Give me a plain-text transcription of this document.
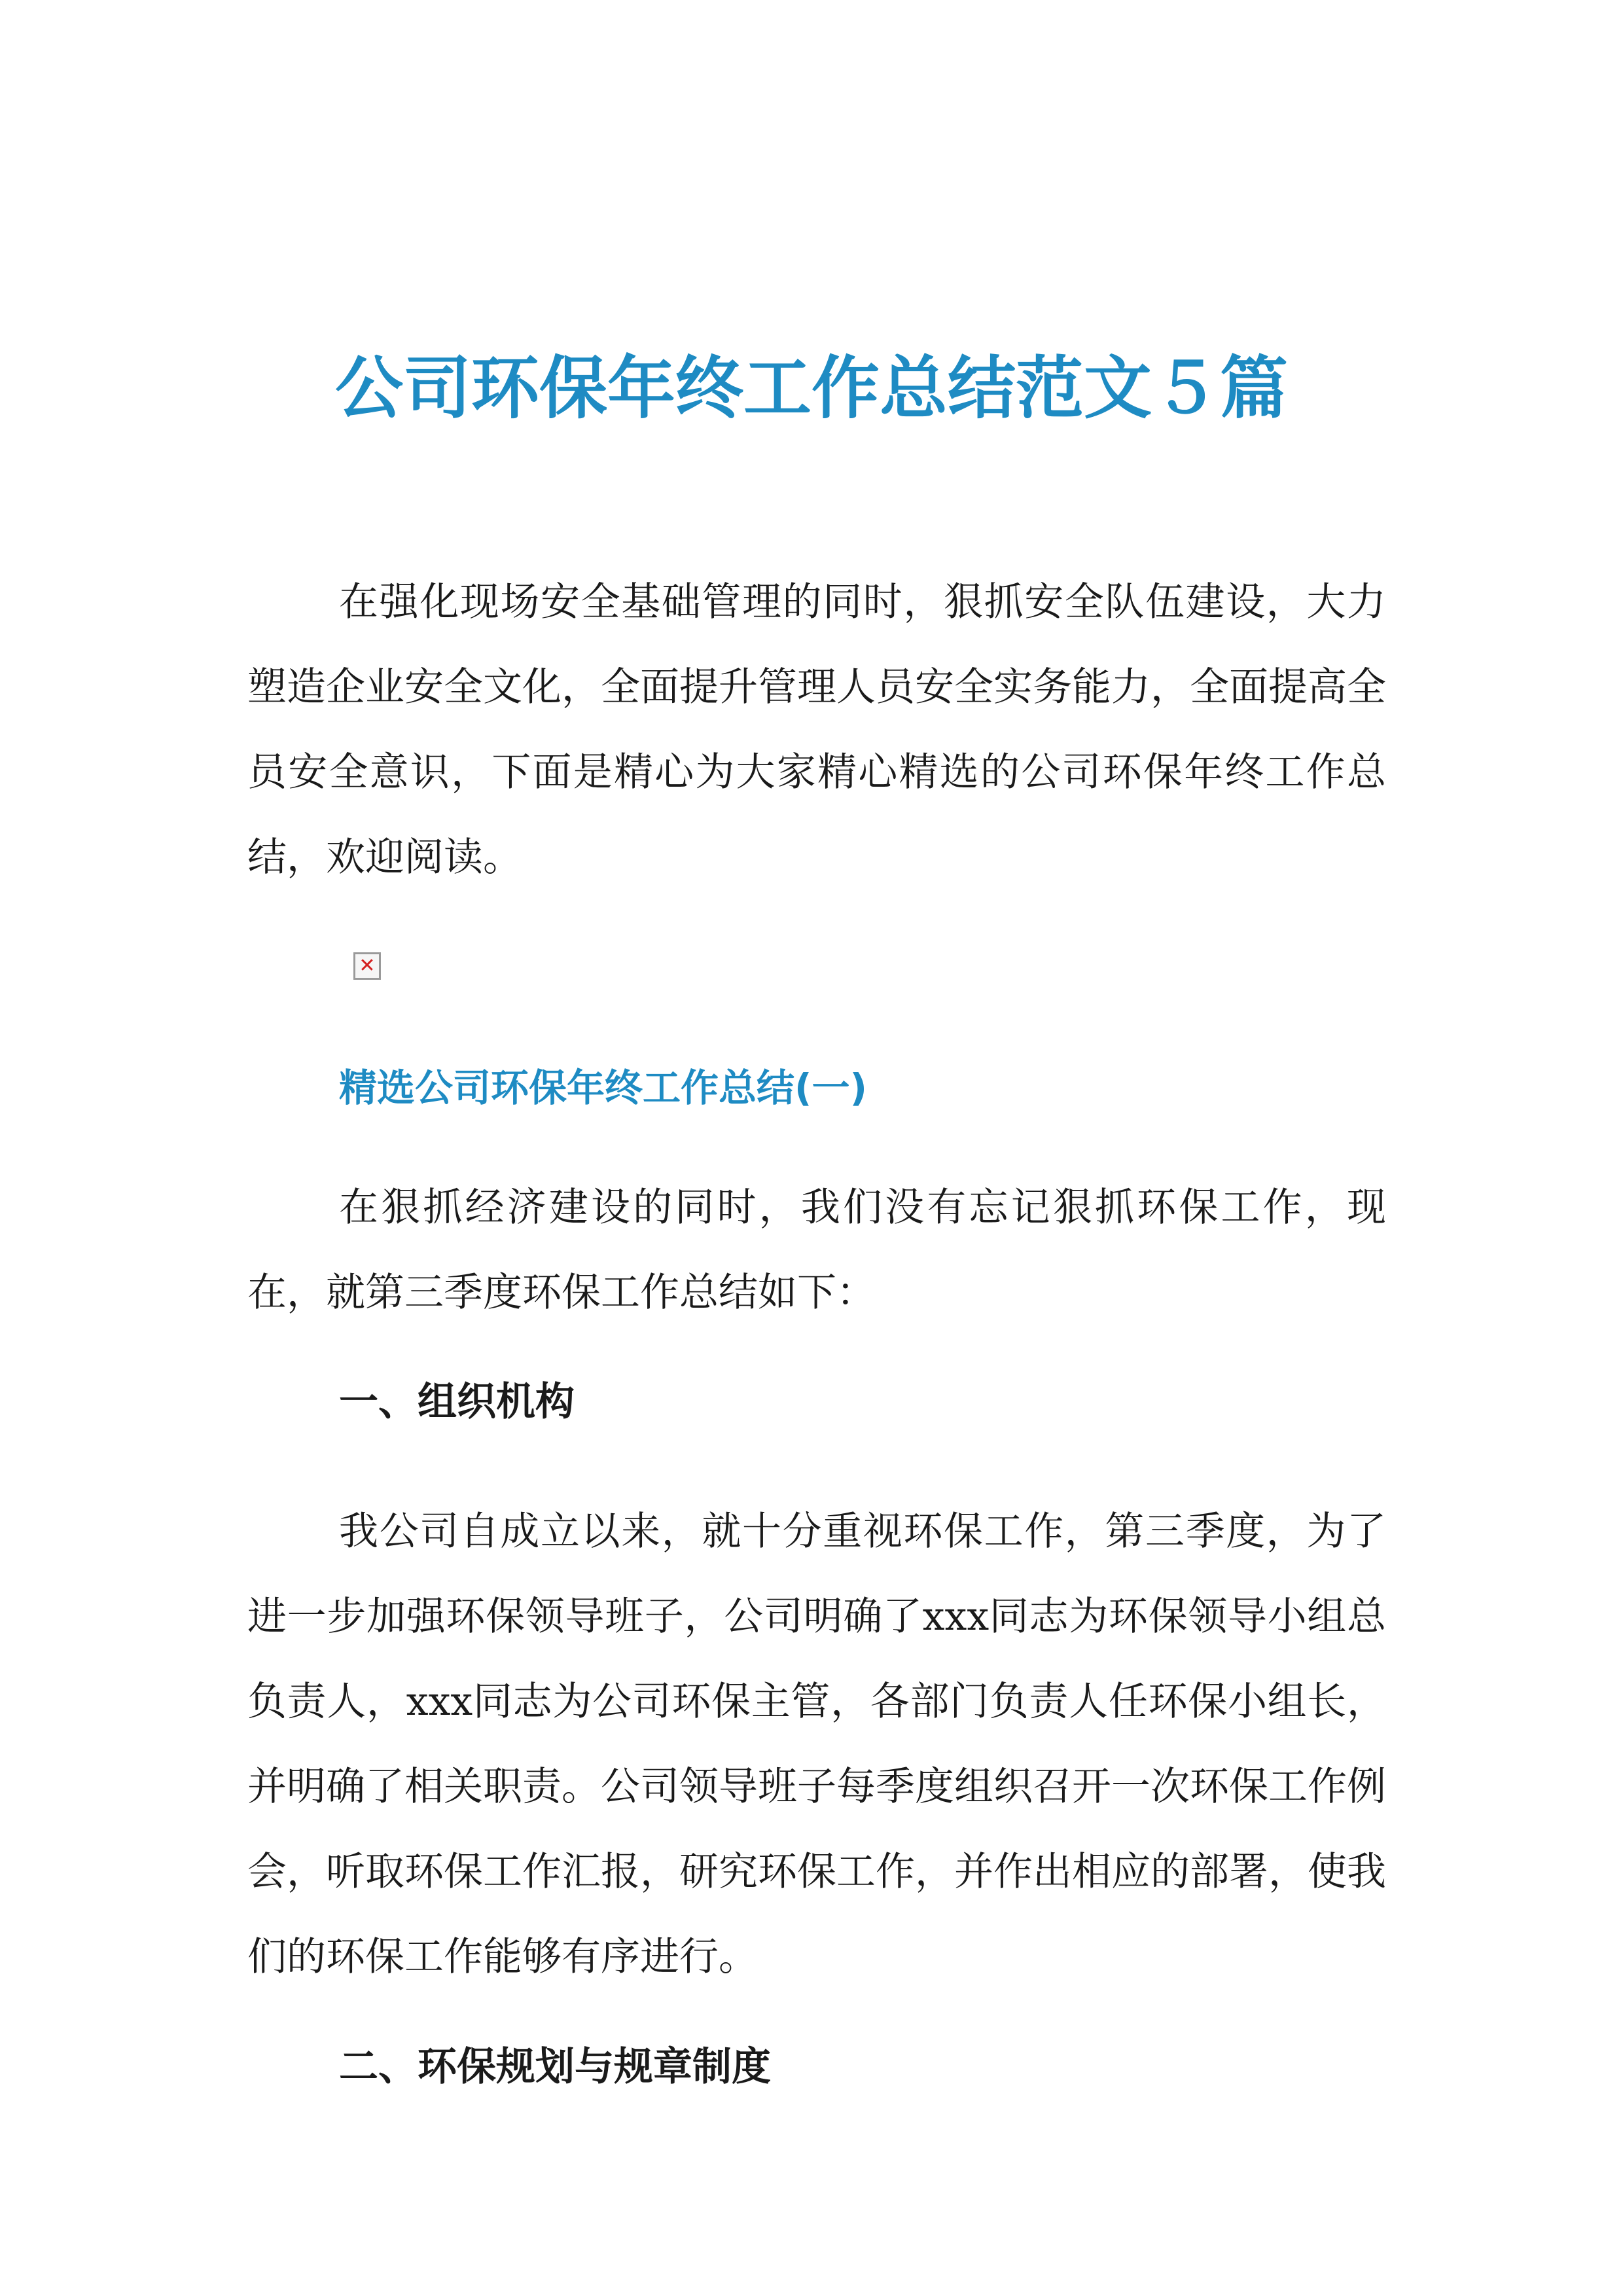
公司环保年终工作总结范文５篇

在强化现场安全基础管理的同时，狠抓安全队伍建设，大力塑造企业安全文化，全面提升管理人员安全实务能力，全面提高全员安全意识，下面是精心为大家精心精选的公司环保年终工作总结，欢迎阅读。

✕
精选公司环保年终工作总结(一)

在狠抓经济建设的同时，我们没有忘记狠抓环保工作，现在，就第三季度环保工作总结如下：

一、组织机构

我公司自成立以来，就十分重视环保工作，第三季度，为了进一步加强环保领导班子，公司明确了xxx同志为环保领导小组总负责人，xxx同志为公司环保主管，各部门负责人任环保小组长，并明确了相关职责。公司领导班子每季度组织召开一次环保工作例会，听取环保工作汇报，研究环保工作，并作出相应的部署，使我们的环保工作能够有序进行。

二、环保规划与规章制度
